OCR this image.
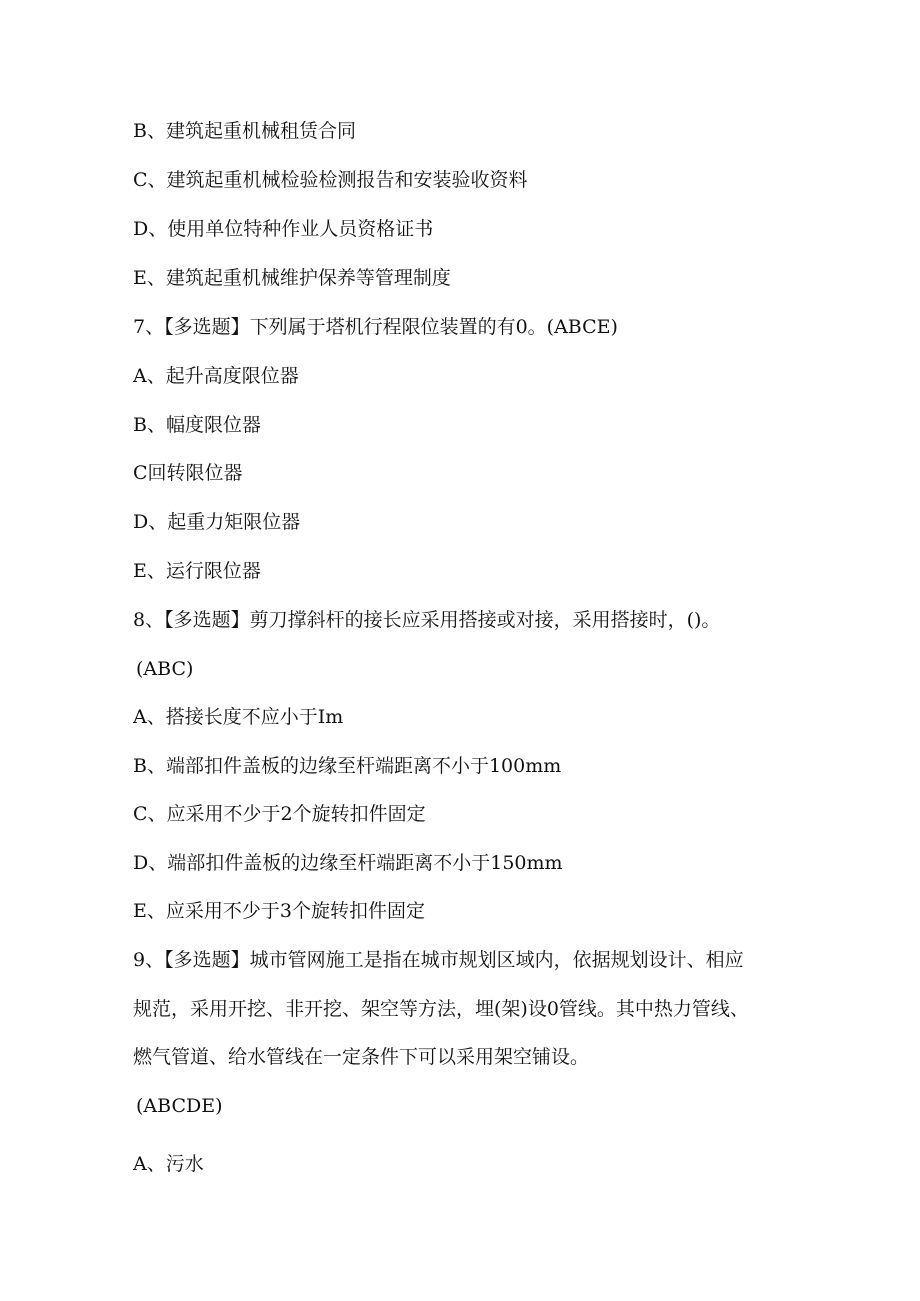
B、建筑起重机械租赁合同
C、建筑起重机械检验检测报告和安装验收资料
D、使用单位特种作业人员资格证书
E、建筑起重机械维护保养等管理制度
7、【多选题】下列属于塔机行程限位装置的有0。(ABCE)
A、起升高度限位器
B、幅度限位器
C回转限位器
D、起重力矩限位器
E、运行限位器
8、【多选题】剪刀撑斜杆的接长应采用搭接或对接，采用搭接时，()。
(ABC)
A、搭接长度不应小于Im
B、端部扣件盖板的边缘至杆端距离不小于100mm
C、应采用不少于2个旋转扣件固定
D、端部扣件盖板的边缘至杆端距离不小于150mm
E、应采用不少于3个旋转扣件固定
9、【多选题】城市管网施工是指在城市规划区域内，依据规划设计、相应
规范，采用开挖、非开挖、架空等方法，埋(架)设0管线。其中热力管线、
燃气管道、给水管线在一定条件下可以采用架空铺设。
(ABCDE)
A、污水
